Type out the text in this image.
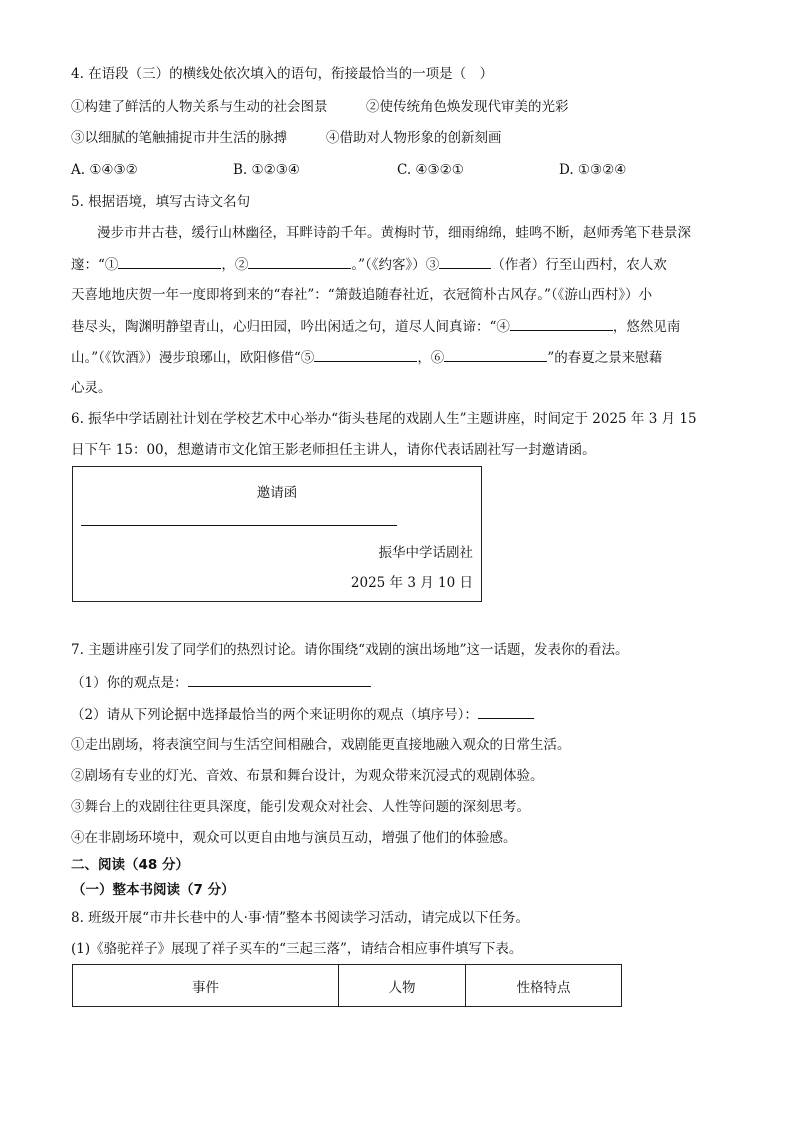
4. 在语段（三）的横线处依次填入的语句，衔接最恰当的一项是（　）
①构建了鲜活的人物关系与生动的社会图景	②使传统角色焕发现代审美的光彩
③以细腻的笔触捕捉市井生活的脉搏	④借助对人物形象的创新刻画
A. ①④③②	B. ①②③④	C. ④③②①	D. ①③②④
5. 根据语境，填写古诗文名句
漫步市井古巷，缓行山林幽径，耳畔诗韵千年。黄梅时节，细雨绵绵，蛙鸣不断，赵师秀笔下巷景深
邃：“①	，②	。”（《约客》）③	（作者）行至山西村，农人欢
天喜地地庆贺一年一度即将到来的“春社”：“箫鼓追随春社近，衣冠简朴古风存。”（《游山西村》）小
巷尽头，陶渊明静望青山，心归田园，吟出闲适之句，道尽人间真谛：“④	，悠然见南
山。”（《饮酒》）漫步琅琊山，欧阳修借“⑤	，⑥	”的春夏之景来慰藉
心灵。
6. 振华中学话剧社计划在学校艺术中心举办“街头巷尾的戏剧人生”主题讲座，时间定于 2025 年 3 月 15
日下午 15：00，想邀请市文化馆王影老师担任主讲人，请你代表话剧社写一封邀请函。
邀请函
振华中学话剧社
2025 年 3 月 10 日
7. 主题讲座引发了同学们的热烈讨论。请你围绕“戏剧的演出场地”这一话题，发表你的看法。
（1）你的观点是：
（2）请从下列论据中选择最恰当的两个来证明你的观点（填序号）：
①走出剧场，将表演空间与生活空间相融合，戏剧能更直接地融入观众的日常生活。
②剧场有专业的灯光、音效、布景和舞台设计，为观众带来沉浸式的观剧体验。
③舞台上的戏剧往往更具深度，能引发观众对社会、人性等问题的深刻思考。
④在非剧场环境中，观众可以更自由地与演员互动，增强了他们的体验感。
二、阅读（48 分）
（一）整本书阅读（7 分）
8. 班级开展“市井长巷中的人·事·情”整本书阅读学习活动，请完成以下任务。
(1)《骆驼祥子》展现了祥子买车的“三起三落”，请结合相应事件填写下表。
事件	人物	性格特点
